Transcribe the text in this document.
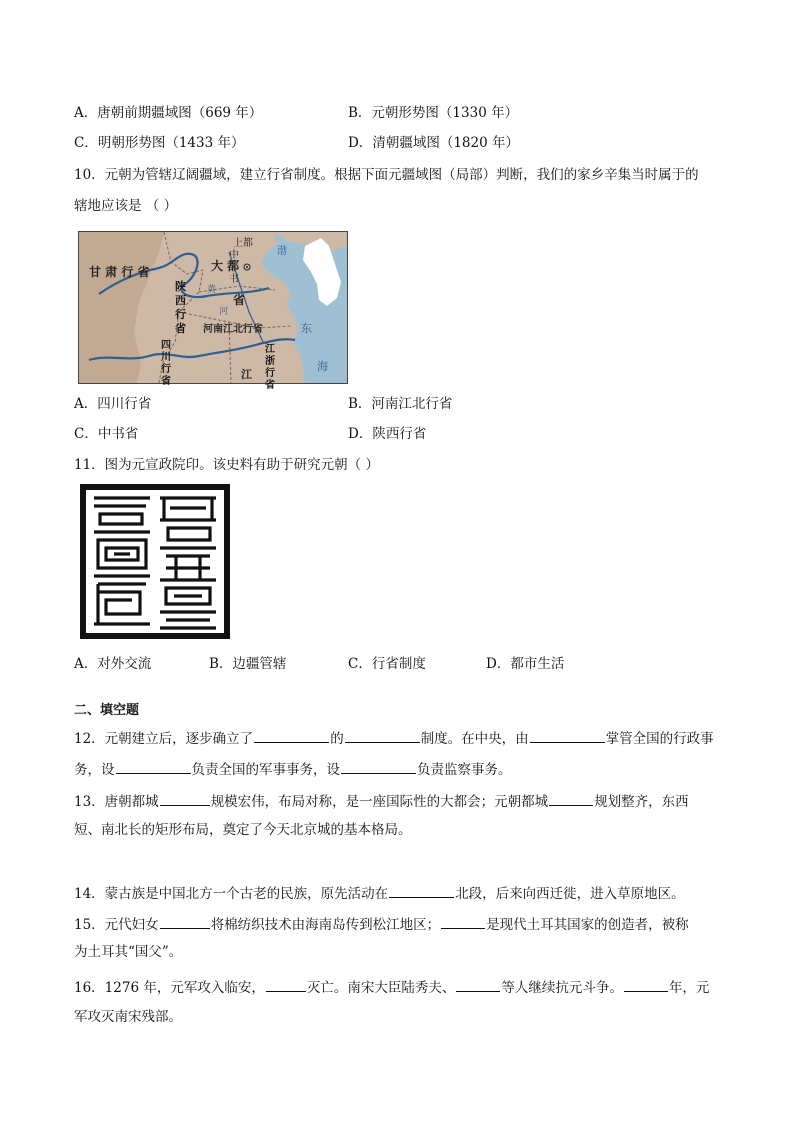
A．唐朝前期疆域图（669 年）	B．元朝形势图（1330 年）
C．明朝形势图（1433 年）	D．清朝疆域图（1820 年）
10．元朝为管辖辽阔疆域，建立行省制度。根据下面元疆域图（局部）判断，我们的家乡辛集当时属于的
辖地应该是 （ ）
甘 肃 行 省
上都
中
大 都
书
省
渤
黄
河
河南江北行省	东
海
江
陕西行省
四川行省
江浙行省
A．四川行省	B．河南江北行省
C．中书省	D．陕西行省
11．图为元宣政院印。该史料有助于研究元朝（ ）
A．对外交流	B．边疆管辖	C．行省制度	D．都市生活
二、填空题
12．元朝建立后，逐步确立了	的	制度。在中央，由	掌管全国的行政事
务，设	负责全国的军事事务，设	负责监察事务。
13．唐朝都城	规模宏伟，布局对称，是一座国际性的大都会；元朝都城	规划整齐，东西
短、南北长的矩形布局，奠定了今天北京城的基本格局。
14．蒙古族是中国北方一个古老的民族，原先活动在	北段，后来向西迁徙，进入草原地区。
15．元代妇女	将棉纺织技术由海南岛传到松江地区；	是现代土耳其国家的创造者，被称
为土耳其“国父”。
16．1276 年，元军攻入临安，	灭亡。南宋大臣陆秀夫、	等人继续抗元斗争。	年，元
军攻灭南宋残部。
